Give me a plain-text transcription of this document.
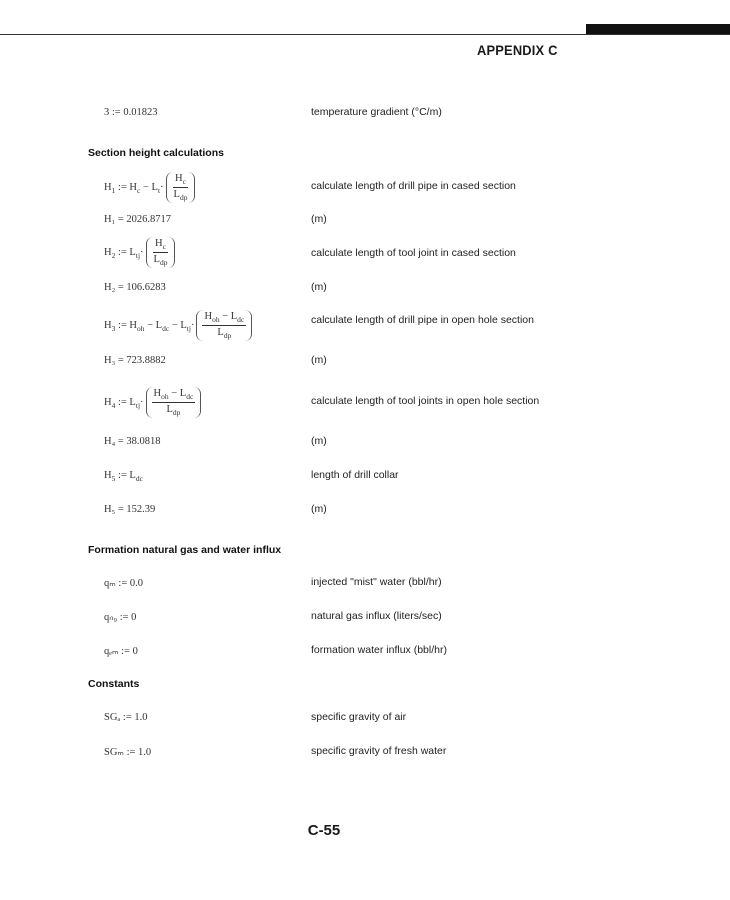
APPENDIX C
3 := 0.01823	temperature gradient (°C/m)
Section height calculations
$H_1$ := $H_c - L_t\cdot \frac{H_c}{L_{dp}}$	calculate length of drill pipe in cased section
H₁ = 2026.8717	(m)
$H_2$ := $L_{tj}\cdot \frac{H_c}{L_{dp}}$	calculate length of tool joint in cased section
H₂ = 106.6283	(m)
$H_3$ := $H_{oh} - L_{dc} - L_{tj}\cdot \frac{H_{oh} - L_{dc}}{L_{dp}}$	calculate length of drill pipe in open hole section
H₃ = 723.8882	(m)
$H_4$ := $L_{tj}\cdot \frac{H_{oh} - L_{dc}}{L_{dp}}$	calculate length of tool joints in open hole section
H₄ = 38.0818	(m)
$H_5$ := $L_{dc}$	length of drill collar
H₅ = 152.39	(m)
Formation natural gas and water influx
qₘ := 0.0	injected "mist" water (bbl/hr)
qₙ₉ := 0	natural gas influx (liters/sec)
qₑₘ := 0	formation water influx (bbl/hr)
Constants
SGₐ := 1.0	specific gravity of air
SGₘ := 1.0	specific gravity of fresh water
C-55
